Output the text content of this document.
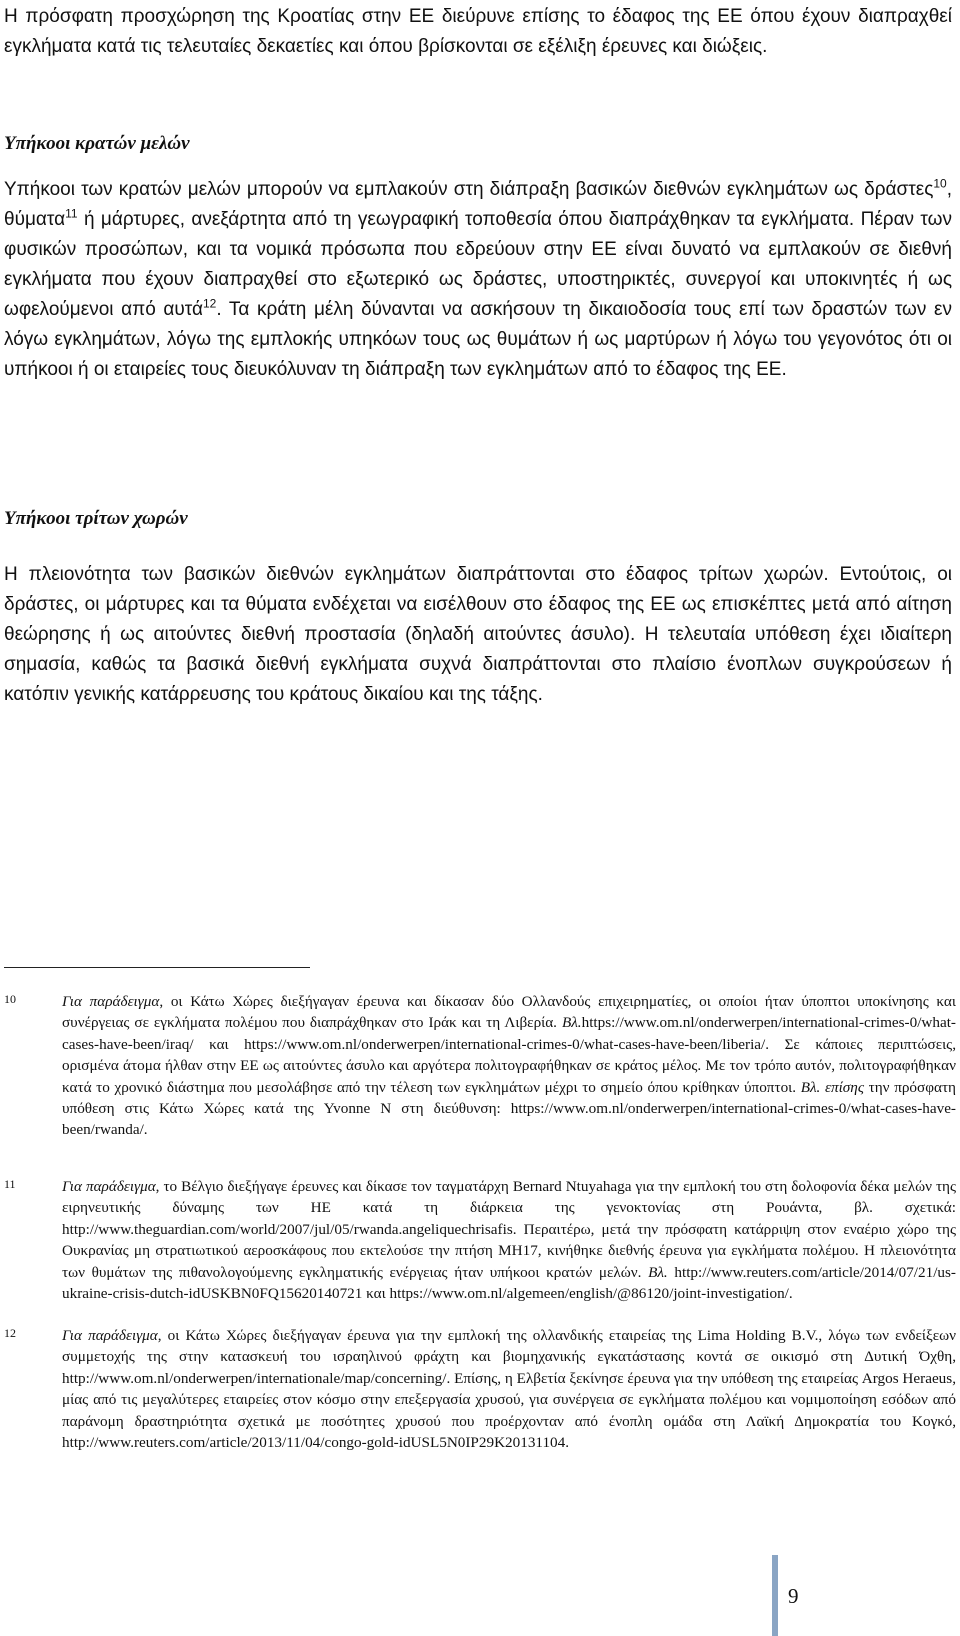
Η πρόσφατη προσχώρηση της Κροατίας στην ΕΕ διεύρυνε επίσης το έδαφος της ΕΕ όπου έχουν διαπραχθεί εγκλήματα κατά τις τελευταίες δεκαετίες και όπου βρίσκονται σε εξέλιξη έρευνες και διώξεις.

Υπήκοοι κρατών μελών

Υπήκοοι των κρατών μελών μπορούν να εμπλακούν στη διάπραξη βασικών διεθνών εγκλημάτων ως δράστες$^{10}$, θύματα$^{11}$ ή μάρτυρες, ανεξάρτητα από τη γεωγραφική τοποθεσία όπου διαπράχθηκαν τα εγκλήματα. Πέραν των φυσικών προσώπων, και τα νομικά πρόσωπα που εδρεύουν στην ΕΕ είναι δυνατό να εμπλακούν σε διεθνή εγκλήματα που έχουν διαπραχθεί στο εξωτερικό ως δράστες, υποστηρικτές, συνεργοί και υποκινητές ή ως ωφελούμενοι από αυτά$^{12}$. Τα κράτη μέλη δύνανται να ασκήσουν τη δικαιοδοσία τους επί των δραστών των εν λόγω εγκλημάτων, λόγω της εμπλοκής υπηκόων τους ως θυμάτων ή ως μαρτύρων ή λόγω του γεγονότος ότι οι υπήκοοι ή οι εταιρείες τους διευκόλυναν τη διάπραξη των εγκλημάτων από το έδαφος της ΕΕ.

Υπήκοοι τρίτων χωρών

Η πλειονότητα των βασικών διεθνών εγκλημάτων διαπράττονται στο έδαφος τρίτων χωρών. Εντούτοις, οι δράστες, οι μάρτυρες και τα θύματα ενδέχεται να εισέλθουν στο έδαφος της ΕΕ ως επισκέπτες μετά από αίτηση θεώρησης ή ως αιτούντες διεθνή προστασία (δηλαδή αιτούντες άσυλο). Η τελευταία υπόθεση έχει ιδιαίτερη σημασία, καθώς τα βασικά διεθνή εγκλήματα συχνά διαπράττονται στο πλαίσιο ένοπλων συγκρούσεων ή κατόπιν γενικής κατάρρευσης του κράτους δικαίου και της τάξης.

10	Για παράδειγμα, οι Κάτω Χώρες διεξήγαγαν έρευνα και δίκασαν δύο Ολλανδούς επιχειρηματίες, οι οποίοι ήταν ύποπτοι υποκίνησης και συνέργειας σε εγκλήματα πολέμου που διαπράχθηκαν στο Ιράκ και τη Λιβερία. Βλ.https://www.om.nl/onderwerpen/international-crimes-0/what-cases-have-been/iraq/ και https://www.om.nl/onderwerpen/international-crimes-0/what-cases-have-been/liberia/. Σε κάποιες περιπτώσεις, ορισμένα άτομα ήλθαν στην ΕΕ ως αιτούντες άσυλο και αργότερα πολιτογραφήθηκαν σε κράτος μέλος. Με τον τρόπο αυτόν, πολιτογραφήθηκαν κατά το χρονικό διάστημα που μεσολάβησε από την τέλεση των εγκλημάτων μέχρι το σημείο όπου κρίθηκαν ύποπτοι. Βλ. επίσης την πρόσφατη υπόθεση στις Κάτω Χώρες κατά της Yvonne N στη διεύθυνση: https://www.om.nl/onderwerpen/international-crimes-0/what-cases-have-been/rwanda/.

11	Για παράδειγμα, το Βέλγιο διεξήγαγε έρευνες και δίκασε τον ταγματάρχη Bernard Ntuyahaga για την εμπλοκή του στη δολοφονία δέκα μελών της ειρηνευτικής δύναμης των ΗΕ κατά τη διάρκεια της γενοκτονίας στη Ρουάντα, βλ. σχετικά: http://www.theguardian.com/world/2007/jul/05/rwanda.angeliquechrisafis. Περαιτέρω, μετά την πρόσφατη κατάρριψη στον εναέριο χώρο της Ουκρανίας μη στρατιωτικού αεροσκάφους που εκτελούσε την πτήση MH17, κινήθηκε διεθνής έρευνα για εγκλήματα πολέμου. Η πλειονότητα των θυμάτων της πιθανολογούμενης εγκληματικής ενέργειας ήταν υπήκοοι κρατών μελών. Βλ. http://www.reuters.com/article/2014/07/21/us-ukraine-crisis-dutch-idUSKBN0FQ15620140721 και https://www.om.nl/algemeen/english/@86120/joint-investigation/.

12	Για παράδειγμα, οι Κάτω Χώρες διεξήγαγαν έρευνα για την εμπλοκή της ολλανδικής εταιρείας της Lima Holding B.V., λόγω των ενδείξεων συμμετοχής της στην κατασκευή του ισραηλινού φράχτη και βιομηχανικής εγκατάστασης κοντά σε οικισμό στη Δυτική Όχθη, http://www.om.nl/onderwerpen/internationale/map/concerning/. Επίσης, η Ελβετία ξεκίνησε έρευνα για την υπόθεση της εταιρείας Argos Heraeus, μίας από τις μεγαλύτερες εταιρείες στον κόσμο στην επεξεργασία χρυσού, για συνέργεια σε εγκλήματα πολέμου και νομιμοποίηση εσόδων από παράνομη δραστηριότητα σχετικά με ποσότητες χρυσού που προέρχονταν από ένοπλη ομάδα στη Λαϊκή Δημοκρατία του Κογκό, http://www.reuters.com/article/2013/11/04/congo-gold-idUSL5N0IP29K20131104.

9
